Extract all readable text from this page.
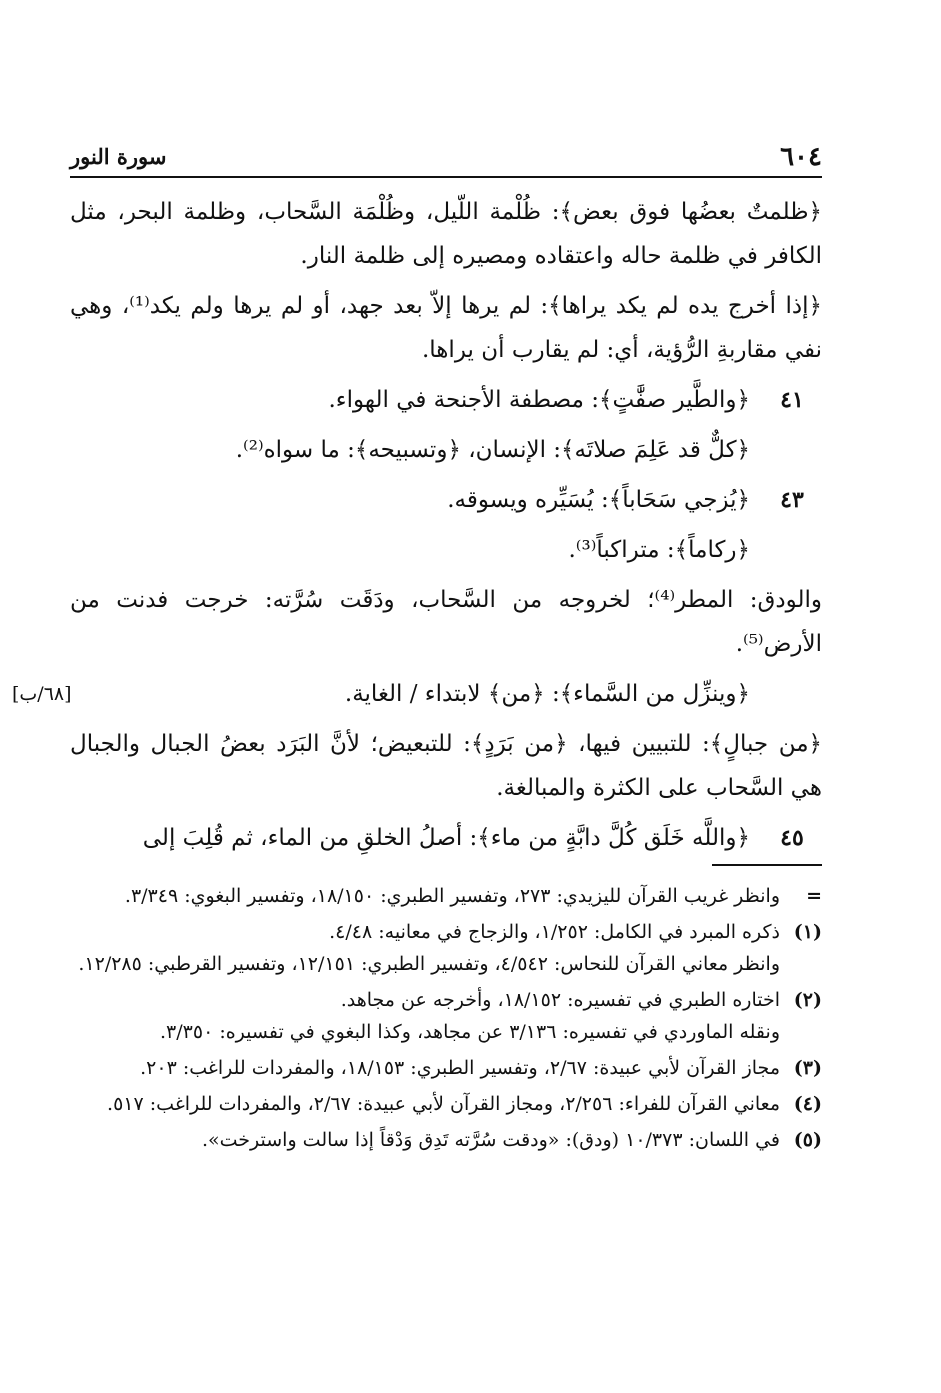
٦٠٤
سورة النور
﴿ظلمتٌ بعضُها فوق بعض﴾: ظُلْمة اللّيل، وظُلْمَة السَّحاب، وظلمة البحر، مثل الكافر في ظلمة حاله واعتقاده ومصيره إلى ظلمة النار.
﴿إذا أخرج يده لم يكد يراها﴾: لم يرها إلاّ بعد جهد، أو لم يرها ولم يكد⁽¹⁾، وهي نفي مقاربةِ الرُّؤية، أي: لم يقارب أن يراها.
٤١
﴿والطَّير صفَّٰتٍ﴾: مصطفة الأجنحة في الهواء.
﴿كلٌّ قد عَلِمَ صلاتَه﴾: الإنسان، ﴿وتسبيحه﴾: ما سواه⁽²⁾.
٤٣
﴿يُزجي سَحَاباً﴾: يُسَيِّره ويسوقه.
﴿ركاماً﴾: متراكباً⁽³⁾.
والودق: المطر⁽⁴⁾؛ لخروجه من السَّحاب، ودَقَت سُرَّته: خرجت فدنت من الأرض⁽⁵⁾.
[٦٨/ب]	﴿وينزِّل من السَّماء﴾: ﴿من﴾ لابتداء / الغاية.
﴿من جبالٍ﴾: للتبيين فيها، ﴿من بَرَدٍ﴾: للتبعيض؛ لأنَّ البَرَد بعضُ الجبال والجبال هي السَّحاب على الكثرة والمبالغة.
٤٥
﴿واللَّه خَلَق كُلَّ دابَّةٍ من ماء﴾: أصلُ الخلقِ من الماء، ثم قُلِبَ إلى
=
وانظر غريب القرآن لليزيدي: ٢٧٣، وتفسير الطبري: ١٨/١٥٠، وتفسير البغوي: ٣/٣٤٩.
(١)
ذكره المبرد في الكامل: ١/٢٥٢، والزجاج في معانيه: ٤/٤٨.
وانظر معاني القرآن للنحاس: ٤/٥٤٢، وتفسير الطبري: ١٢/١٥١، وتفسير القرطبي: ١٢/٢٨٥.
(٢)
اختاره الطبري في تفسيره: ١٨/١٥٢، وأخرجه عن مجاهد.
ونقله الماوردي في تفسيره: ٣/١٣٦ عن مجاهد، وكذا البغوي في تفسيره: ٣/٣٥٠.
(٣)
مجاز القرآن لأبي عبيدة: ٢/٦٧، وتفسير الطبري: ١٨/١٥٣، والمفردات للراغب: ٢٠٣.
(٤)
معاني القرآن للفراء: ٢/٢٥٦، ومجاز القرآن لأبي عبيدة: ٢/٦٧، والمفردات للراغب: ٥١٧.
(٥)
في اللسان: ١٠/٣٧٣ (ودق): «ودقت سُرَّته تَدِق وَدْقاً إذا سالت واسترخت».
